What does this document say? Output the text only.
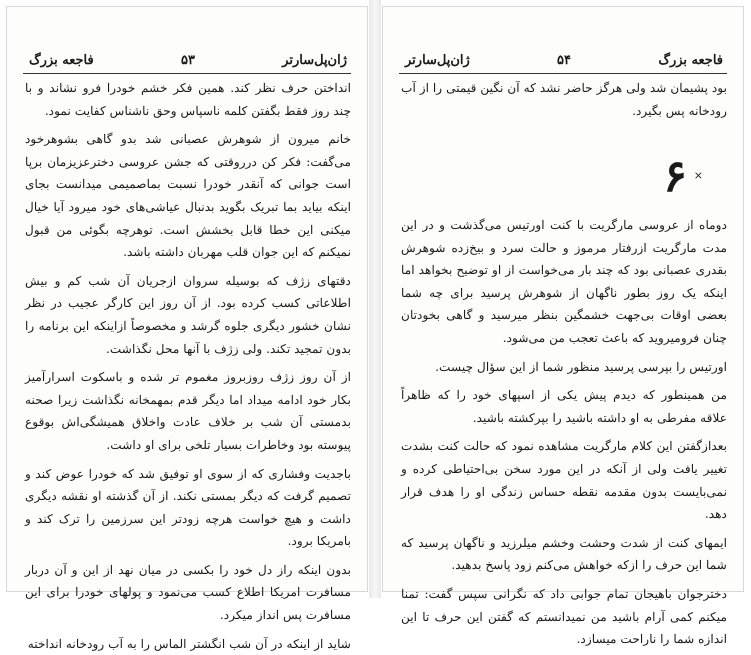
فاجعه بزرگ	۵۳	ژان‌پل‌سارتر

انداختن حرف نظر کند. همین فکر خشم خودرا فرو نشاند و با چند روز فقط بگفتن کلمه ناسپاس وحق ناشناس کفایت نمود.

خانم میرون از شوهرش عصبانی شد بدو گاهی بشوهرخود می‌گفت: فکر کن درروقتی که جشن عروسی دخترعزیزمان برپا است جوانی که آنقدر خودرا نسبت بماصمیمی میدانست بجای اینکه بیاید بما تبریک بگوید بدنبال عیاشی‌های خود میرود آیا خیال میکنی این خطا قابل بخشش است. توهرچه بگوئی من قبول نمیکنم که این جوان قلب مهربان داشته باشد.

دقتهای زژف که بوسیله سروان ازجریان آن شب کم و بیش اطلاعاتی کسب کرده بود. از آن روز این کارگر عجیب در نظر نشان خشور دیگری جلوه گرشد و مخصوصاً ازاینکه این برنامه را بدون تمجید تکند. ولی زژف با آنها محل نگذاشت.

از آن روز زژف روزبروز مغموم تر شده و باسکوت اسرارآمیز بکار خود ادامه میداد اما دیگر قدم بمهمخانه نگذاشت زیرا صحنه بدمستی آن شب بر خلاف عادت واخلاق همیشگی‌اش بوقوع پیوسته بود وخاطرات بسیار تلخی برای او داشت.

باجدیت وفشاری که از سوی او توفیق شد که خودرا عوض کند و تصمیم گرفت که دیگر بمستی نکند. از آن گذشته او نقشه دیگری داشت و هیچ خواست هرچه زودتر این سرزمین را ترک کند و بامریکا برود.

بدون اینکه راز دل خود را بکسی در میان نهد از این و آن دربار مسافرت امریکا اطلاع کسب می‌نمود و پولهای خودرا برای این مسافرت پس انداز میکرد.

شاید از اینکه در آن شب انگشتر الماس را به آب رودخانه انداخته

ژان‌پل‌سارتر	۵۴	فاجعه بزرگ
بود پشیمان شد ولی هرگز حاضر نشد که آن نگین قیمتی را از آب رودخانه پس بگیرد.
۶ ×

دوماه از عروسی مارگریت با کنت اورتیس می‌گذشت و در این مدت مارگریت ازرفتار مرموز و حالت سرد و بیخ‌زده شوهرش بقدری عصبانی بود که چند بار می‌خواست از او توضیح بخواهد اما اینکه یک روز بطور ناگهان از شوهرش پرسید برای چه شما بعضی اوقات بی‌جهت خشمگین بنظر میرسید و گاهی بخودتان چنان فرومیروید که باعث تعجب من می‌شود.

اورتیس را بپرسی پرسید منظور شما از این سؤال چیست.

من همینطور که دیدم پیش یکی از اسپهای خود را که ظاهراً علاقه مفرطی به او داشته باشید را بپرکشته باشید.

بعدازگفتن این کلام مارگریت مشاهده نمود که حالت کنت بشدت تغییر یافت ولی از آنکه در این مورد سخن بی‌احتیاطی کرده و نمی‌بایست بدون مقدمه نقطه حساس زندگی او را هدف قرار دهد.

ایمهای کنت از شدت وحشت وخشم میلرزید و ناگهان پرسید که شما این حرف را ازکه خواهش می‌کنم زود پاسخ بدهید.

دخترجوان باهیجان تمام جوابی داد که نگرانی سپس گفت: تمنا میکنم کمی آرام باشید من نمیدانستم که گفتن این حرف تا این اندازه شما را ناراحت میسازد.
